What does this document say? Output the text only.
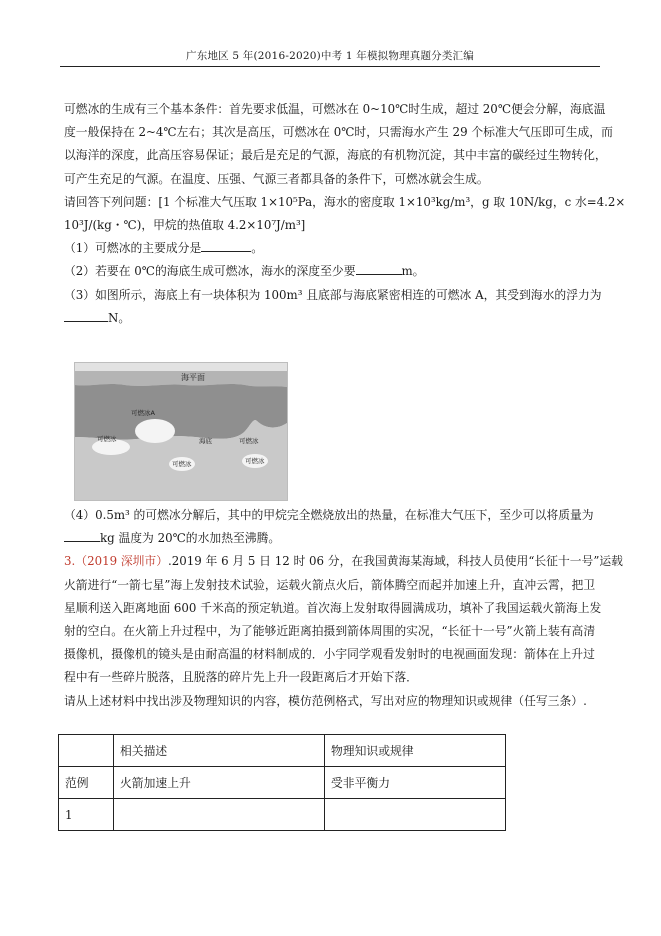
广东地区 5 年(2016-2020)中考 1 年模拟物理真题分类汇编
可燃冰的生成有三个基本条件：首先要求低温，可燃冰在 0~10℃时生成，超过 20℃便会分解，海底温
度一般保持在 2~4℃左右；其次是高压，可燃冰在 0℃时，只需海水产生 29 个标准大气压即可生成，而
以海洋的深度，此高压容易保证；最后是充足的气源，海底的有机物沉淀，其中丰富的碳经过生物转化，
可产生充足的气源。在温度、压强、气源三者都具备的条件下，可燃冰就会生成。
请回答下列问题：[1 个标准大气压取 1×10⁵Pa，海水的密度取 1×10³kg/m³，g 取 10N/kg，c 水=4.2×
10³J/(kg・℃)，甲烷的热值取 4.2×10⁷J/m³]
（1）可燃冰的主要成分是	。
（2）若要在 0℃的海底生成可燃冰，海水的深度至少要	m。
（3）如图所示，海底上有一块体积为 100m³ 且底部与海底紧密相连的可燃冰 A，其受到海水的浮力为
N。
海平面
可燃冰A
可燃冰	海底	可燃冰
可燃冰	可燃冰
（4）0.5m³ 的可燃冰分解后，其中的甲烷完全燃烧放出的热量，在标准大气压下，至少可以将质量为
kg 温度为 20℃的水加热至沸腾。
3.（2019 深圳市）.2019 年 6 月 5 日 12 时 06 分，在我国黄海某海域，科技人员使用“长征十一号”运载
火箭进行“一箭七星”海上发射技术试验，运载火箭点火后，箭体腾空而起并加速上升，直冲云霄，把卫
星顺利送入距离地面 600 千米高的预定轨道。首次海上发射取得圆满成功，填补了我国运载火箭海上发
射的空白。在火箭上升过程中，为了能够近距离拍摄到箭体周围的实况，“长征十一号”火箭上装有高清
摄像机，摄像机的镜头是由耐高温的材料制成的．小宇同学观看发射时的电视画面发现：箭体在上升过
程中有一些碎片脱落，且脱落的碎片先上升一段距离后才开始下落．
请从上述材料中找出涉及物理知识的内容，模仿范例格式，写出对应的物理知识或规律（任写三条）.
	相关描述	物理知识或规律
范例	火箭加速上升	受非平衡力
1		
